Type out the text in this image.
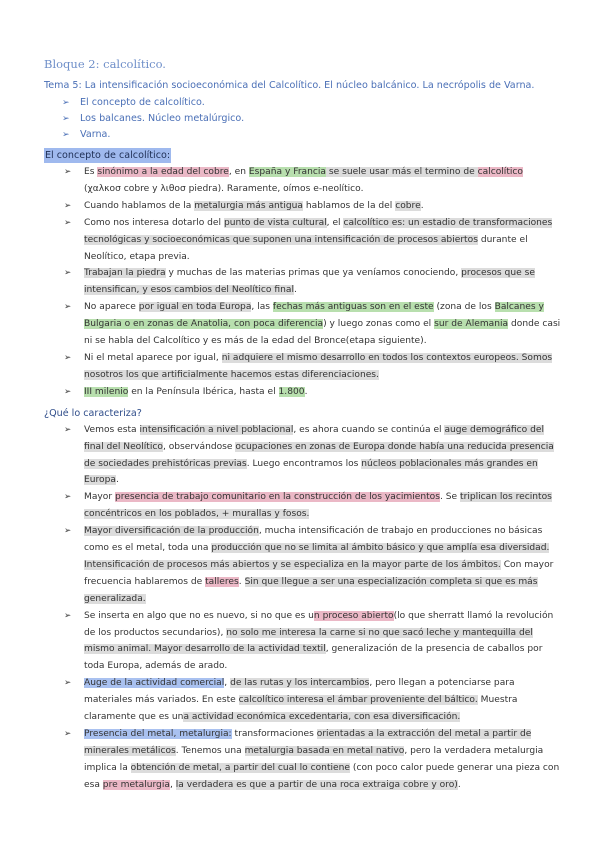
Bloque 2: calcolítico.
Tema 5: La intensificación socioeconómica del Calcolítico. El núcleo balcánico. La necrópolis de Varna.
➢ El concepto de calcolítico.
➢ Los balcanes. Núcleo metalúrgico.
➢ Varna.
El concepto de calcolítico:
➢ Es sinónimo a la edad del cobre, en España y Francia se suele usar más el termino de calcolítico (χαλκοσ cobre y λιθοσ piedra). Raramente, oímos e-neolítico.
➢ Cuando hablamos de la metalurgia más antigua hablamos de la del cobre.
➢ Como nos interesa dotarlo del punto de vista cultural, el calcolítico es: un estadio de transformaciones tecnológicas y socioeconómicas que suponen una intensificación de procesos abiertos durante el Neolítico, etapa previa.
➢ Trabajan la piedra y muchas de las materias primas que ya veníamos conociendo, procesos que se intensifican, y esos cambios del Neolítico final.
➢ No aparece por igual en toda Europa, las fechas más antiguas son en el este (zona de los Balcanes y Bulgaria o en zonas de Anatolia, con poca diferencia) y luego zonas como el sur de Alemania donde casi ni se habla del Calcolítico y es más de la edad del Bronce(etapa siguiente).
➢ Ni el metal aparece por igual, ni adquiere el mismo desarrollo en todos los contextos europeos. Somos nosotros los que artificialmente hacemos estas diferenciaciones.
➢ III milenio en la Península Ibérica, hasta el 1.800.
¿Qué lo caracteriza?
➢ Vemos esta intensificación a nivel poblacional, es ahora cuando se continúa el auge demográfico del final del Neolítico, observándose ocupaciones en zonas de Europa donde había una reducida presencia de sociedades prehistóricas previas. Luego encontramos los núcleos poblacionales más grandes en Europa.
➢ Mayor presencia de trabajo comunitario en la construcción de los yacimientos. Se triplican los recintos concéntricos en los poblados, + murallas y fosos.
➢ Mayor diversificación de la producción, mucha intensificación de trabajo en producciones no básicas como es el metal, toda una producción que no se limita al ámbito básico y que amplía esa diversidad. Intensificación de procesos más abiertos y se especializa en la mayor parte de los ámbitos. Con mayor frecuencia hablaremos de talleres. Sin que llegue a ser una especialización completa si que es más generalizada.
➢ Se inserta en algo que no es nuevo, si no que es un proceso abierto(lo que sherratt llamó la revolución de los productos secundarios), no solo me interesa la carne si no que sacó leche y mantequilla del mismo animal. Mayor desarrollo de la actividad textil, generalización de la presencia de caballos por toda Europa, además de arado.
➢ Auge de la actividad comercial, de las rutas y los intercambios, pero llegan a potenciarse para materiales más variados. En este calcolítico interesa el ámbar proveniente del báltico. Muestra claramente que es una actividad económica excedentaria, con esa diversificación.
➢ Presencia del metal, metalurgia: transformaciones orientadas a la extracción del metal a partir de minerales metálicos. Tenemos una metalurgia basada en metal nativo, pero la verdadera metalurgia implica la obtención de metal, a partir del cual lo contiene (con poco calor puede generar una pieza con esa pre metalurgia, la verdadera es que a partir de una roca extraiga cobre y oro).
